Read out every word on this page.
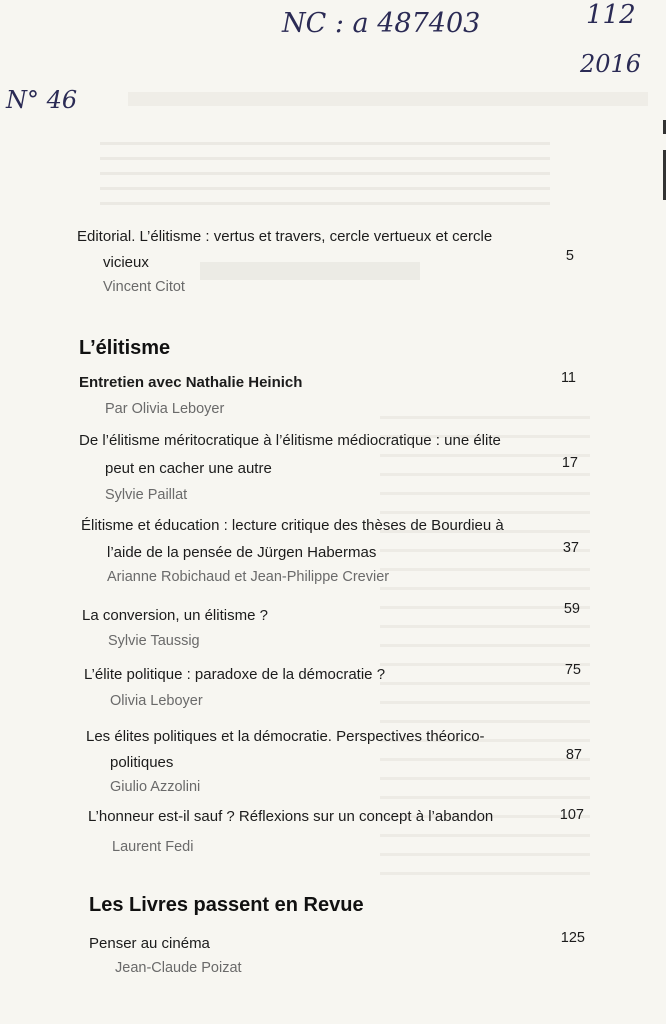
NC : a 487403	112
2016
N° 46
Editorial. L’élitisme : vertus et travers, cercle vertueux et cercle
vicieux	5
Vincent Citot
L’élitisme
Entretien avec Nathalie Heinich	11
Par Olivia Leboyer
De l’élitisme méritocratique à l’élitisme médiocratique : une élite
peut en cacher une autre	17
Sylvie Paillat
Élitisme et éducation : lecture critique des thèses de Bourdieu à
l’aide de la pensée de Jürgen Habermas	37
Arianne Robichaud et Jean-Philippe Crevier
La conversion, un élitisme ?	59
Sylvie Taussig
L’élite politique : paradoxe de la démocratie ?	75
Olivia Leboyer
Les élites politiques et la démocratie. Perspectives théorico-
politiques	87
Giulio Azzolini
L’honneur est-il sauf ? Réflexions sur un concept à l’abandon	107
Laurent Fedi
Les Livres passent en Revue
Penser au cinéma	125
Jean-Claude Poizat
